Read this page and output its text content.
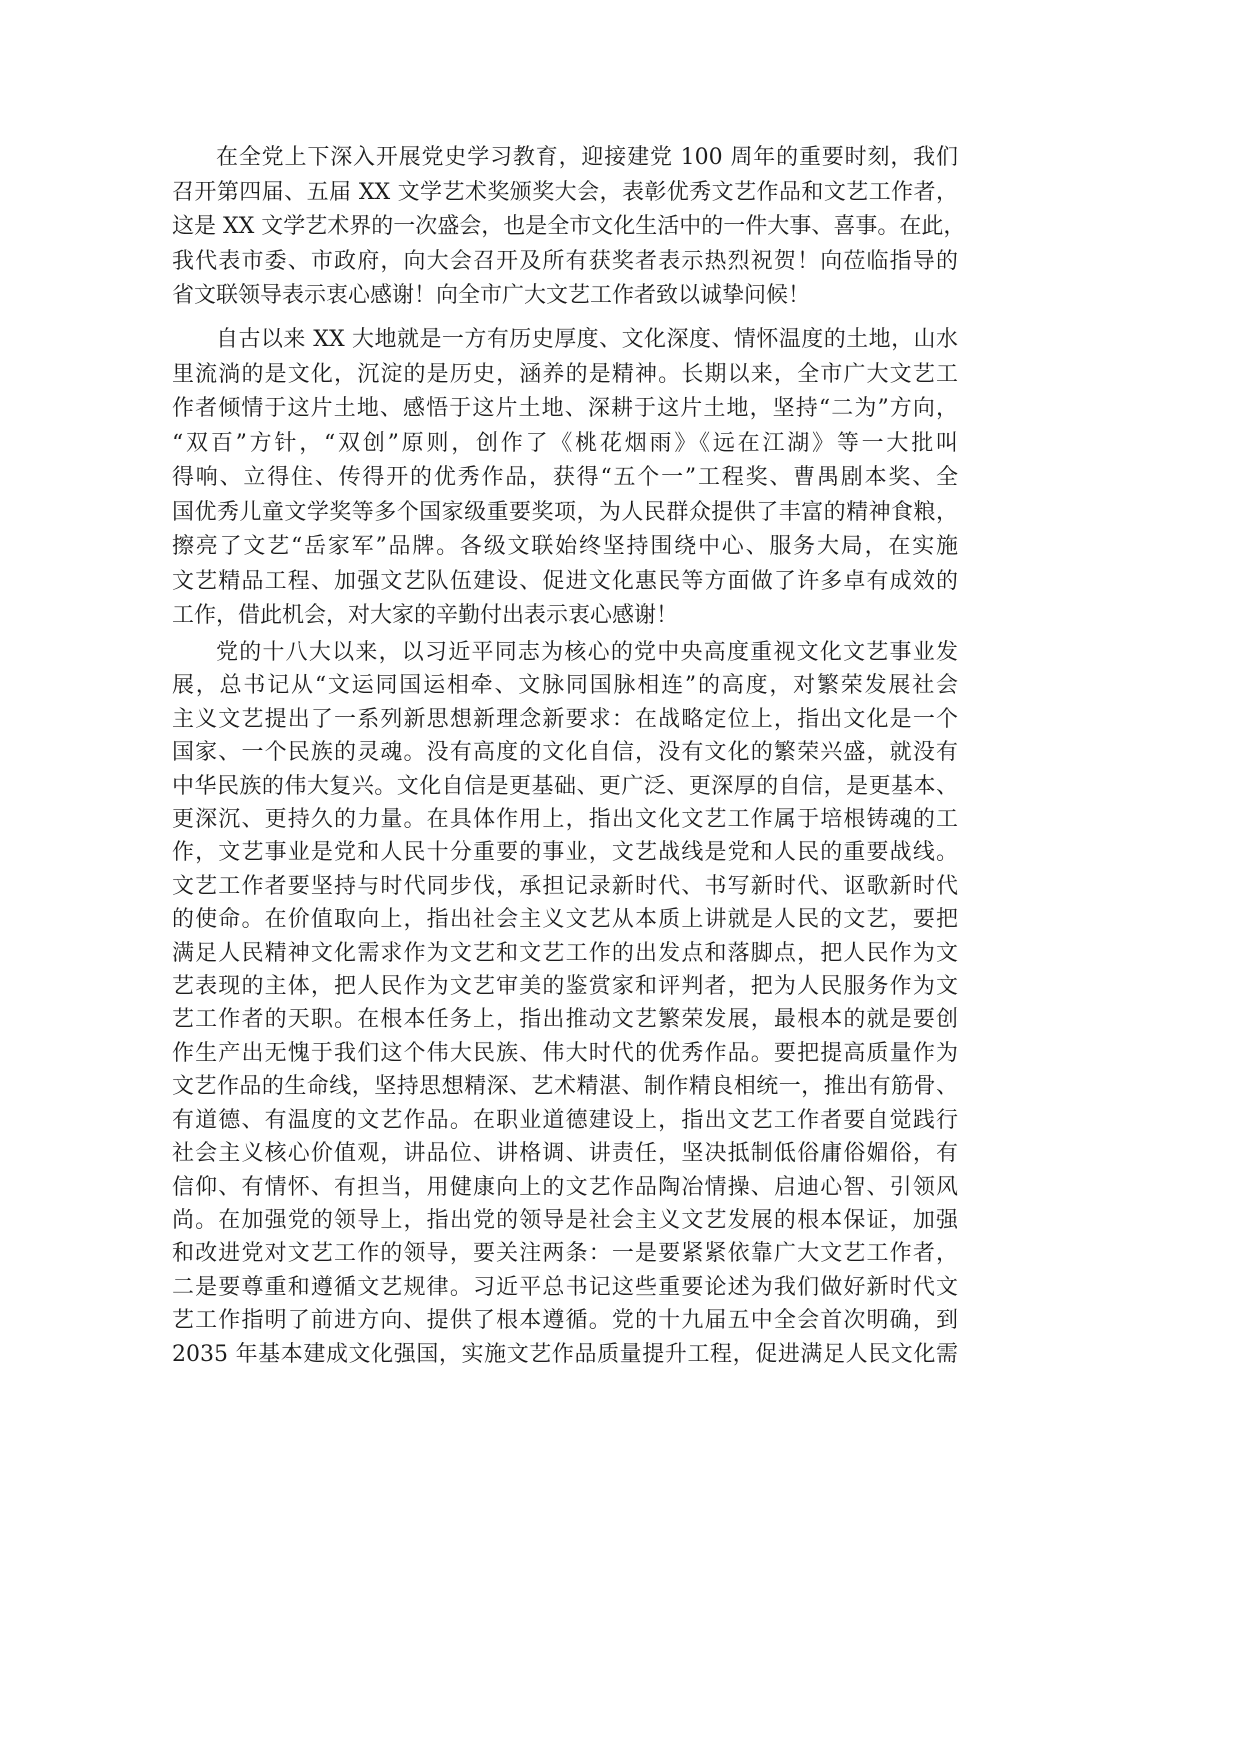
在全党上下深入开展党史学习教育，迎接建党 100 周年的重要时刻，我们
召开第四届、五届 XX 文学艺术奖颁奖大会，表彰优秀文艺作品和文艺工作者，
这是 XX 文学艺术界的一次盛会，也是全市文化生活中的一件大事、喜事。在此，
我代表市委、市政府，向大会召开及所有获奖者表示热烈祝贺！向莅临指导的
省文联领导表示衷心感谢！向全市广大文艺工作者致以诚挚问候！
自古以来 XX 大地就是一方有历史厚度、文化深度、情怀温度的土地，山水
里流淌的是文化，沉淀的是历史，涵养的是精神。长期以来，全市广大文艺工
作者倾情于这片土地、感悟于这片土地、深耕于这片土地，坚持“二为”方向，
“双百”方针，“双创”原则，创作了《桃花烟雨》《远在江湖》等一大批叫
得响、立得住、传得开的优秀作品，获得“五个一”工程奖、曹禺剧本奖、全
国优秀儿童文学奖等多个国家级重要奖项，为人民群众提供了丰富的精神食粮，
擦亮了文艺“岳家军”品牌。各级文联始终坚持围绕中心、服务大局，在实施
文艺精品工程、加强文艺队伍建设、促进文化惠民等方面做了许多卓有成效的
工作，借此机会，对大家的辛勤付出表示衷心感谢！
党的十八大以来，以习近平同志为核心的党中央高度重视文化文艺事业发
展，总书记从“文运同国运相牵、文脉同国脉相连”的高度，对繁荣发展社会
主义文艺提出了一系列新思想新理念新要求：在战略定位上，指出文化是一个
国家、一个民族的灵魂。没有高度的文化自信，没有文化的繁荣兴盛，就没有
中华民族的伟大复兴。文化自信是更基础、更广泛、更深厚的自信，是更基本、
更深沉、更持久的力量。在具体作用上，指出文化文艺工作属于培根铸魂的工
作，文艺事业是党和人民十分重要的事业，文艺战线是党和人民的重要战线。
文艺工作者要坚持与时代同步伐，承担记录新时代、书写新时代、讴歌新时代
的使命。在价值取向上，指出社会主义文艺从本质上讲就是人民的文艺，要把
满足人民精神文化需求作为文艺和文艺工作的出发点和落脚点，把人民作为文
艺表现的主体，把人民作为文艺审美的鉴赏家和评判者，把为人民服务作为文
艺工作者的天职。在根本任务上，指出推动文艺繁荣发展，最根本的就是要创
作生产出无愧于我们这个伟大民族、伟大时代的优秀作品。要把提高质量作为
文艺作品的生命线，坚持思想精深、艺术精湛、制作精良相统一，推出有筋骨、
有道德、有温度的文艺作品。在职业道德建设上，指出文艺工作者要自觉践行
社会主义核心价值观，讲品位、讲格调、讲责任，坚决抵制低俗庸俗媚俗，有
信仰、有情怀、有担当，用健康向上的文艺作品陶冶情操、启迪心智、引领风
尚。在加强党的领导上，指出党的领导是社会主义文艺发展的根本保证，加强
和改进党对文艺工作的领导，要关注两条：一是要紧紧依靠广大文艺工作者，
二是要尊重和遵循文艺规律。习近平总书记这些重要论述为我们做好新时代文
艺工作指明了前进方向、提供了根本遵循。党的十九届五中全会首次明确，到
2035 年基本建成文化强国，实施文艺作品质量提升工程，促进满足人民文化需
